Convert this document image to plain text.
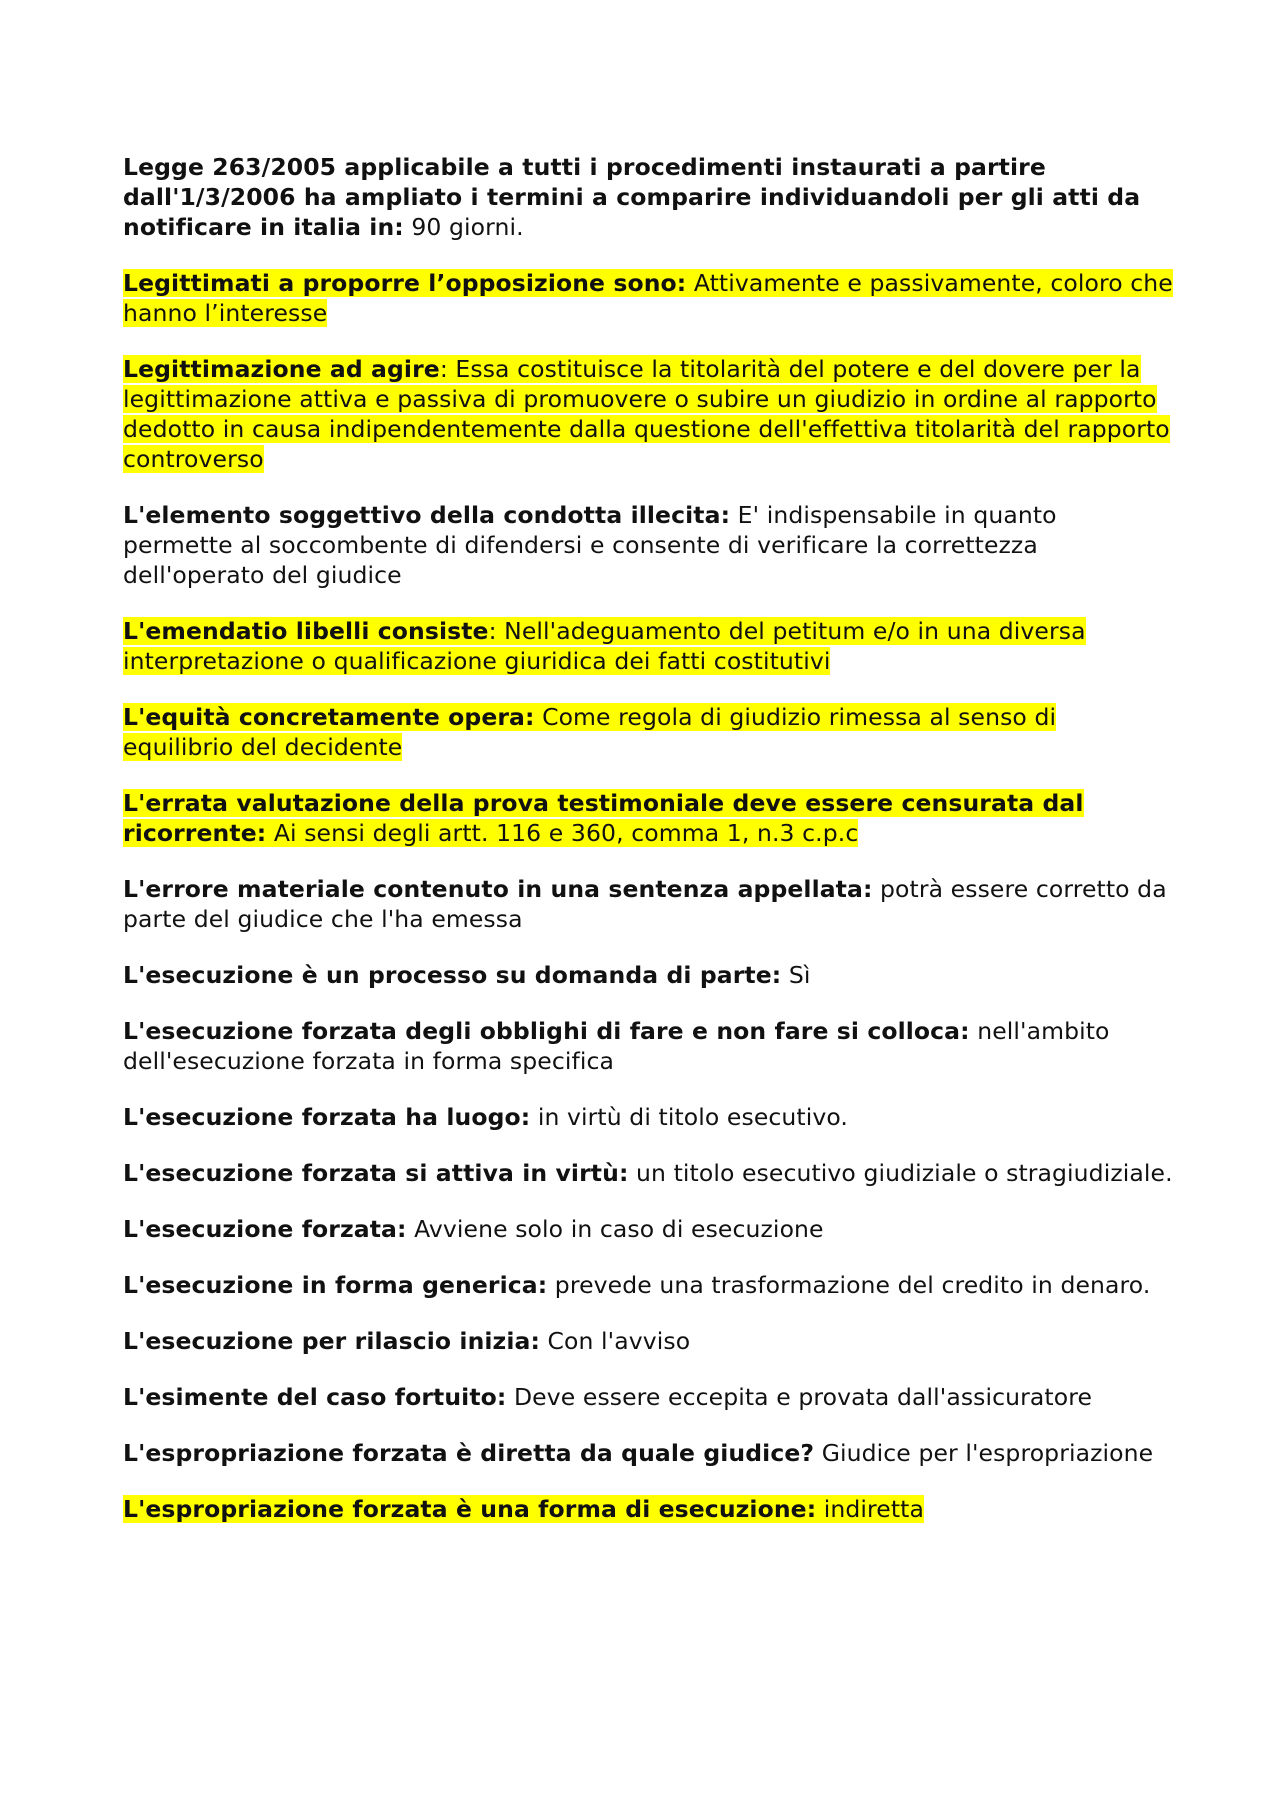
Legge 263/2005 applicabile a tutti i procedimenti instaurati a partire dall'1/3/2006 ha ampliato i termini a comparire individuandoli per gli atti da notificare in italia in: 90 giorni.

Legittimati a proporre l’opposizione sono: Attivamente e passivamente, coloro che hanno l’interesse

Legittimazione ad agire: Essa costituisce la titolarità del potere e del dovere per la legittimazione attiva e passiva di promuovere o subire un giudizio in ordine al rapporto dedotto in causa indipendentemente dalla questione dell'effettiva titolarità del rapporto controverso

L'elemento soggettivo della condotta illecita: E' indispensabile in quanto permette al soccombente di difendersi e consente di verificare la correttezza dell'operato del giudice

L'emendatio libelli consiste: Nell'adeguamento del petitum e/o in una diversa interpretazione o qualificazione giuridica dei fatti costitutivi

L'equità concretamente opera: Come regola di giudizio rimessa al senso di equilibrio del decidente

L'errata valutazione della prova testimoniale deve essere censurata dal ricorrente: Ai sensi degli artt. 116 e 360, comma 1, n.3 c.p.c

L'errore materiale contenuto in una sentenza appellata: potrà essere corretto da parte del giudice che l'ha emessa

L'esecuzione è un processo su domanda di parte: Sì

L'esecuzione forzata degli obblighi di fare e non fare si colloca: nell'ambito dell'esecuzione forzata in forma specifica

L'esecuzione forzata ha luogo: in virtù di titolo esecutivo.

L'esecuzione forzata si attiva in virtù: un titolo esecutivo giudiziale o stragiudiziale.

L'esecuzione forzata: Avviene solo in caso di esecuzione

L'esecuzione in forma generica: prevede una trasformazione del credito in denaro.

L'esecuzione per rilascio inizia: Con l'avviso

L'esimente del caso fortuito: Deve essere eccepita e provata dall'assicuratore

L'espropriazione forzata è diretta da quale giudice? Giudice per l'espropriazione

L'espropriazione forzata è una forma di esecuzione: indiretta
